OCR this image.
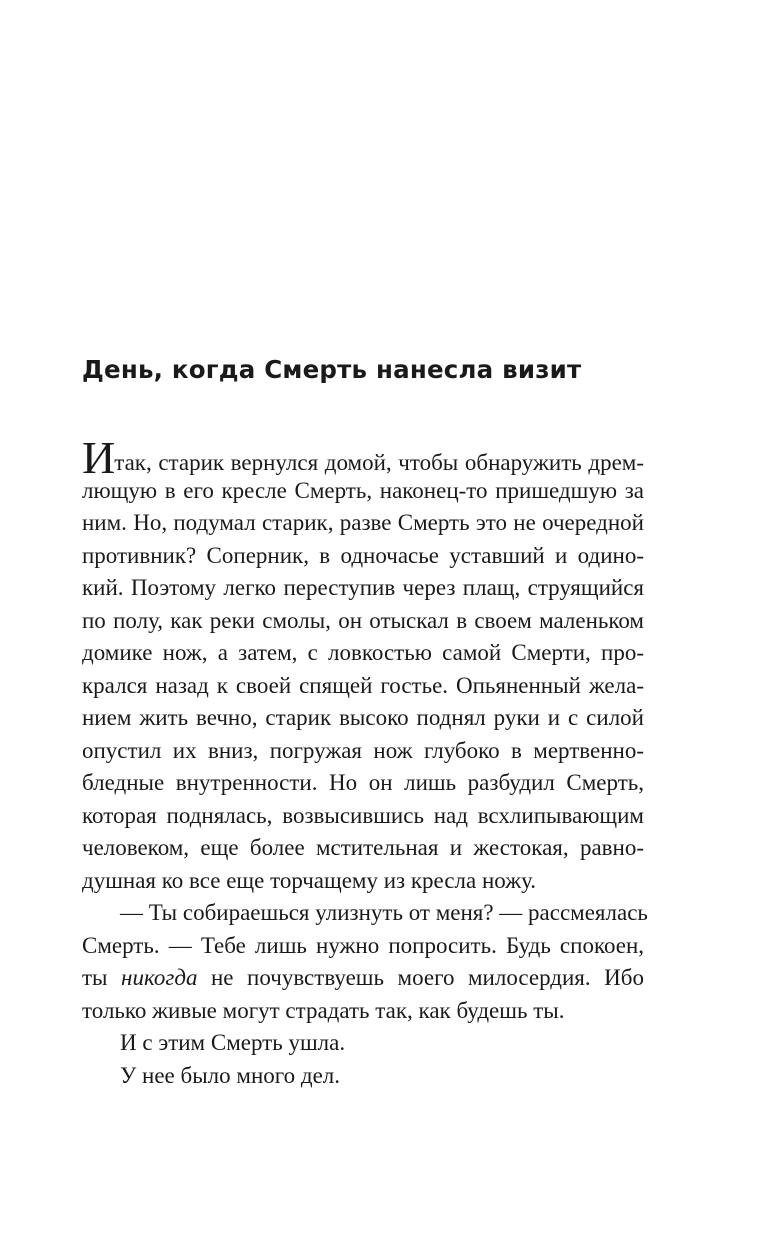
День, когда Смерть нанесла визит
Итак, старик вернулся домой, чтобы обнаружить дрем-
лющую в его кресле Смерть, наконец-то пришедшую за
ним. Но, подумал старик, разве Смерть это не очередной
противник? Соперник, в одночасье уставший и одино-
кий. Поэтому легко переступив через плащ, струящийся
по полу, как реки смолы, он отыскал в своем маленьком
домике нож, а затем, с ловкостью самой Смерти, про-
крался назад к своей спящей гостье. Опьяненный жела-
нием жить вечно, старик высоко поднял руки и с силой
опустил их вниз, погружая нож глубоко в мертвенно-
бледные внутренности. Но он лишь разбудил Смерть,
которая поднялась, возвысившись над всхлипывающим
человеком, еще более мстительная и жестокая, равно-
душная ко все еще торчащему из кресла ножу.
— Ты собираешься улизнуть от меня? — рассмеялась
Смерть. — Тебе лишь нужно попросить. Будь спокоен,
ты никогда не почувствуешь моего милосердия. Ибо
только живые могут страдать так, как будешь ты.
И с этим Смерть ушла.
У нее было много дел.
